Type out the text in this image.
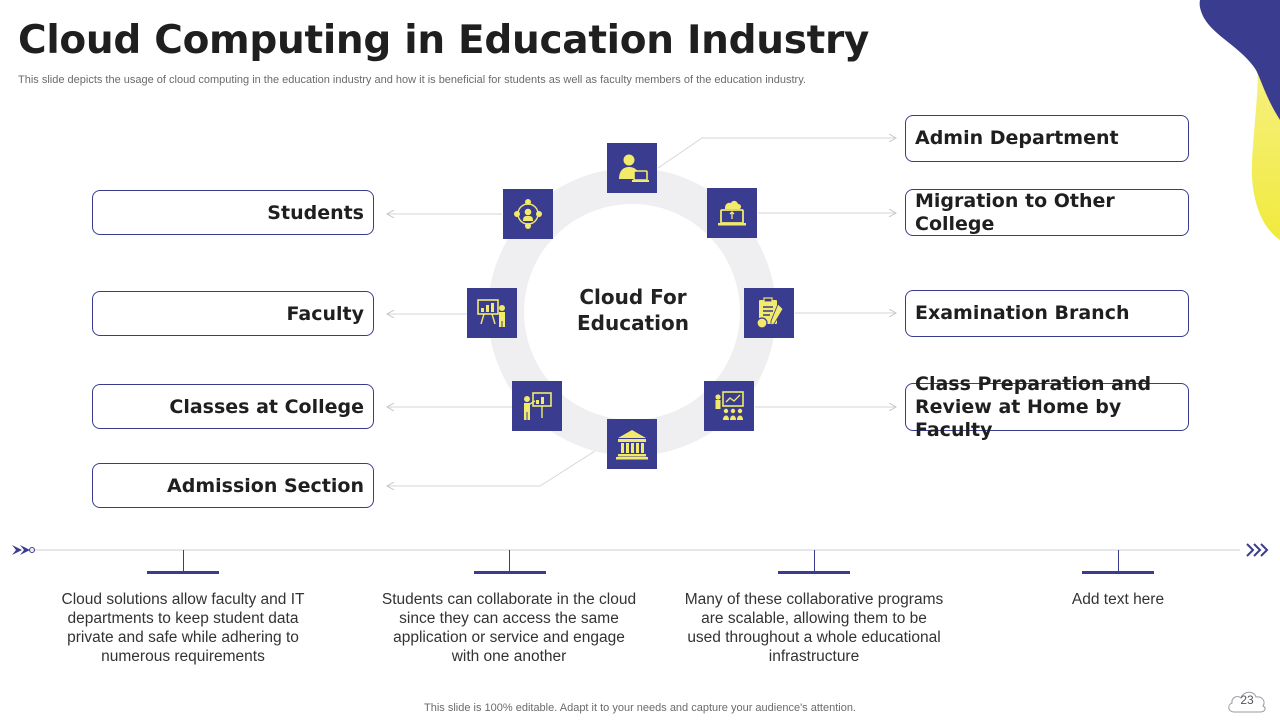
Cloud Computing in Education Industry
This slide depicts the usage of cloud computing in the education industry and how it is beneficial for students as well as faculty members of the education industry.
Cloud For
Education
Students
Faculty
Classes at College
Admission Section
Admin Department
Migration to Other College
Examination Branch
Class Preparation and Review at Home by Faculty
Cloud solutions allow faculty and IT departments to keep student data private and safe while adhering to numerous requirements
Students can collaborate in the cloud since they can access the same application or service and engage with one another
Many of these collaborative programs are scalable, allowing them to be used throughout a whole educational infrastructure
Add text here
This slide is 100% editable. Adapt it to your needs and capture your audience's attention.
23
